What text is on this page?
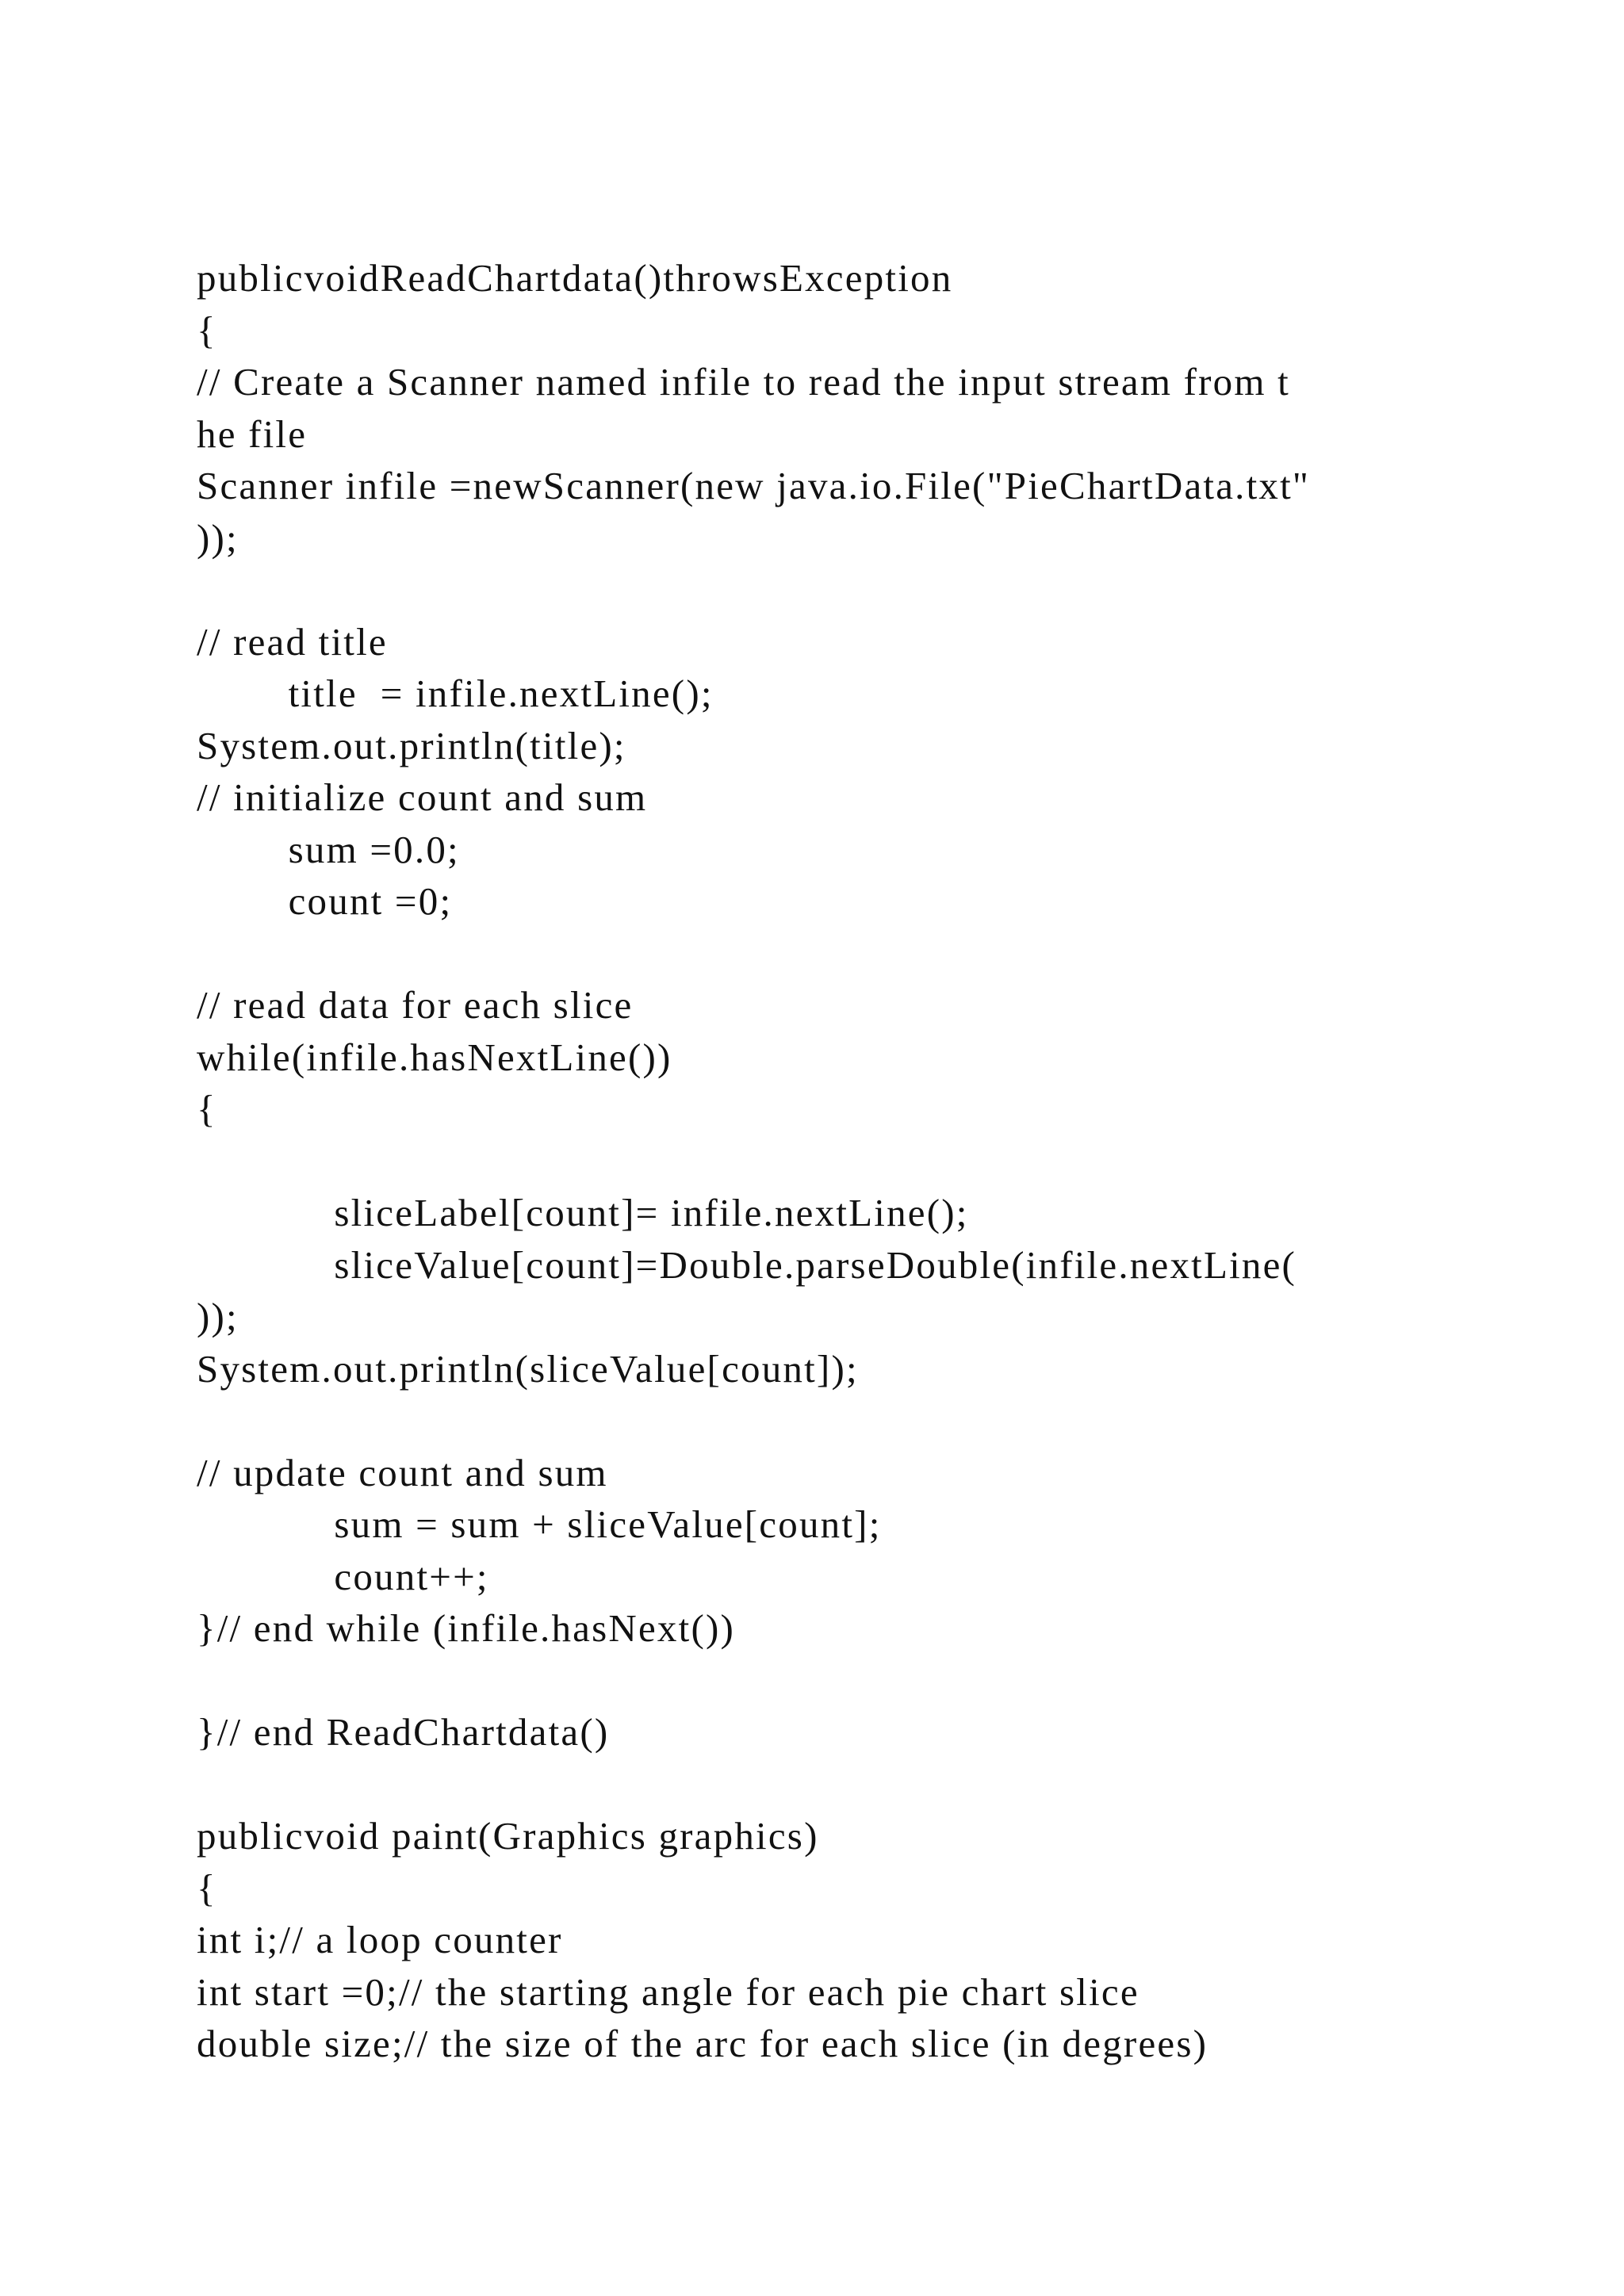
publicvoidReadChartdata()throwsException
{
// Create a Scanner named infile to read the input stream from t
he file
Scanner infile =newScanner(new java.io.File("PieChartData.txt"
));
// read title
title  = infile.nextLine();
System.out.println(title);
// initialize count and sum
sum =0.0;
count =0;
// read data for each slice
while(infile.hasNextLine())
{
sliceLabel[count]= infile.nextLine();
sliceValue[count]=Double.parseDouble(infile.nextLine(
));
System.out.println(sliceValue[count]);
// update count and sum
sum = sum + sliceValue[count];
count++;
}// end while (infile.hasNext())
}// end ReadChartdata()
publicvoid paint(Graphics graphics)
{
int i;// a loop counter
int start =0;// the starting angle for each pie chart slice
double size;// the size of the arc for each slice (in degrees)
